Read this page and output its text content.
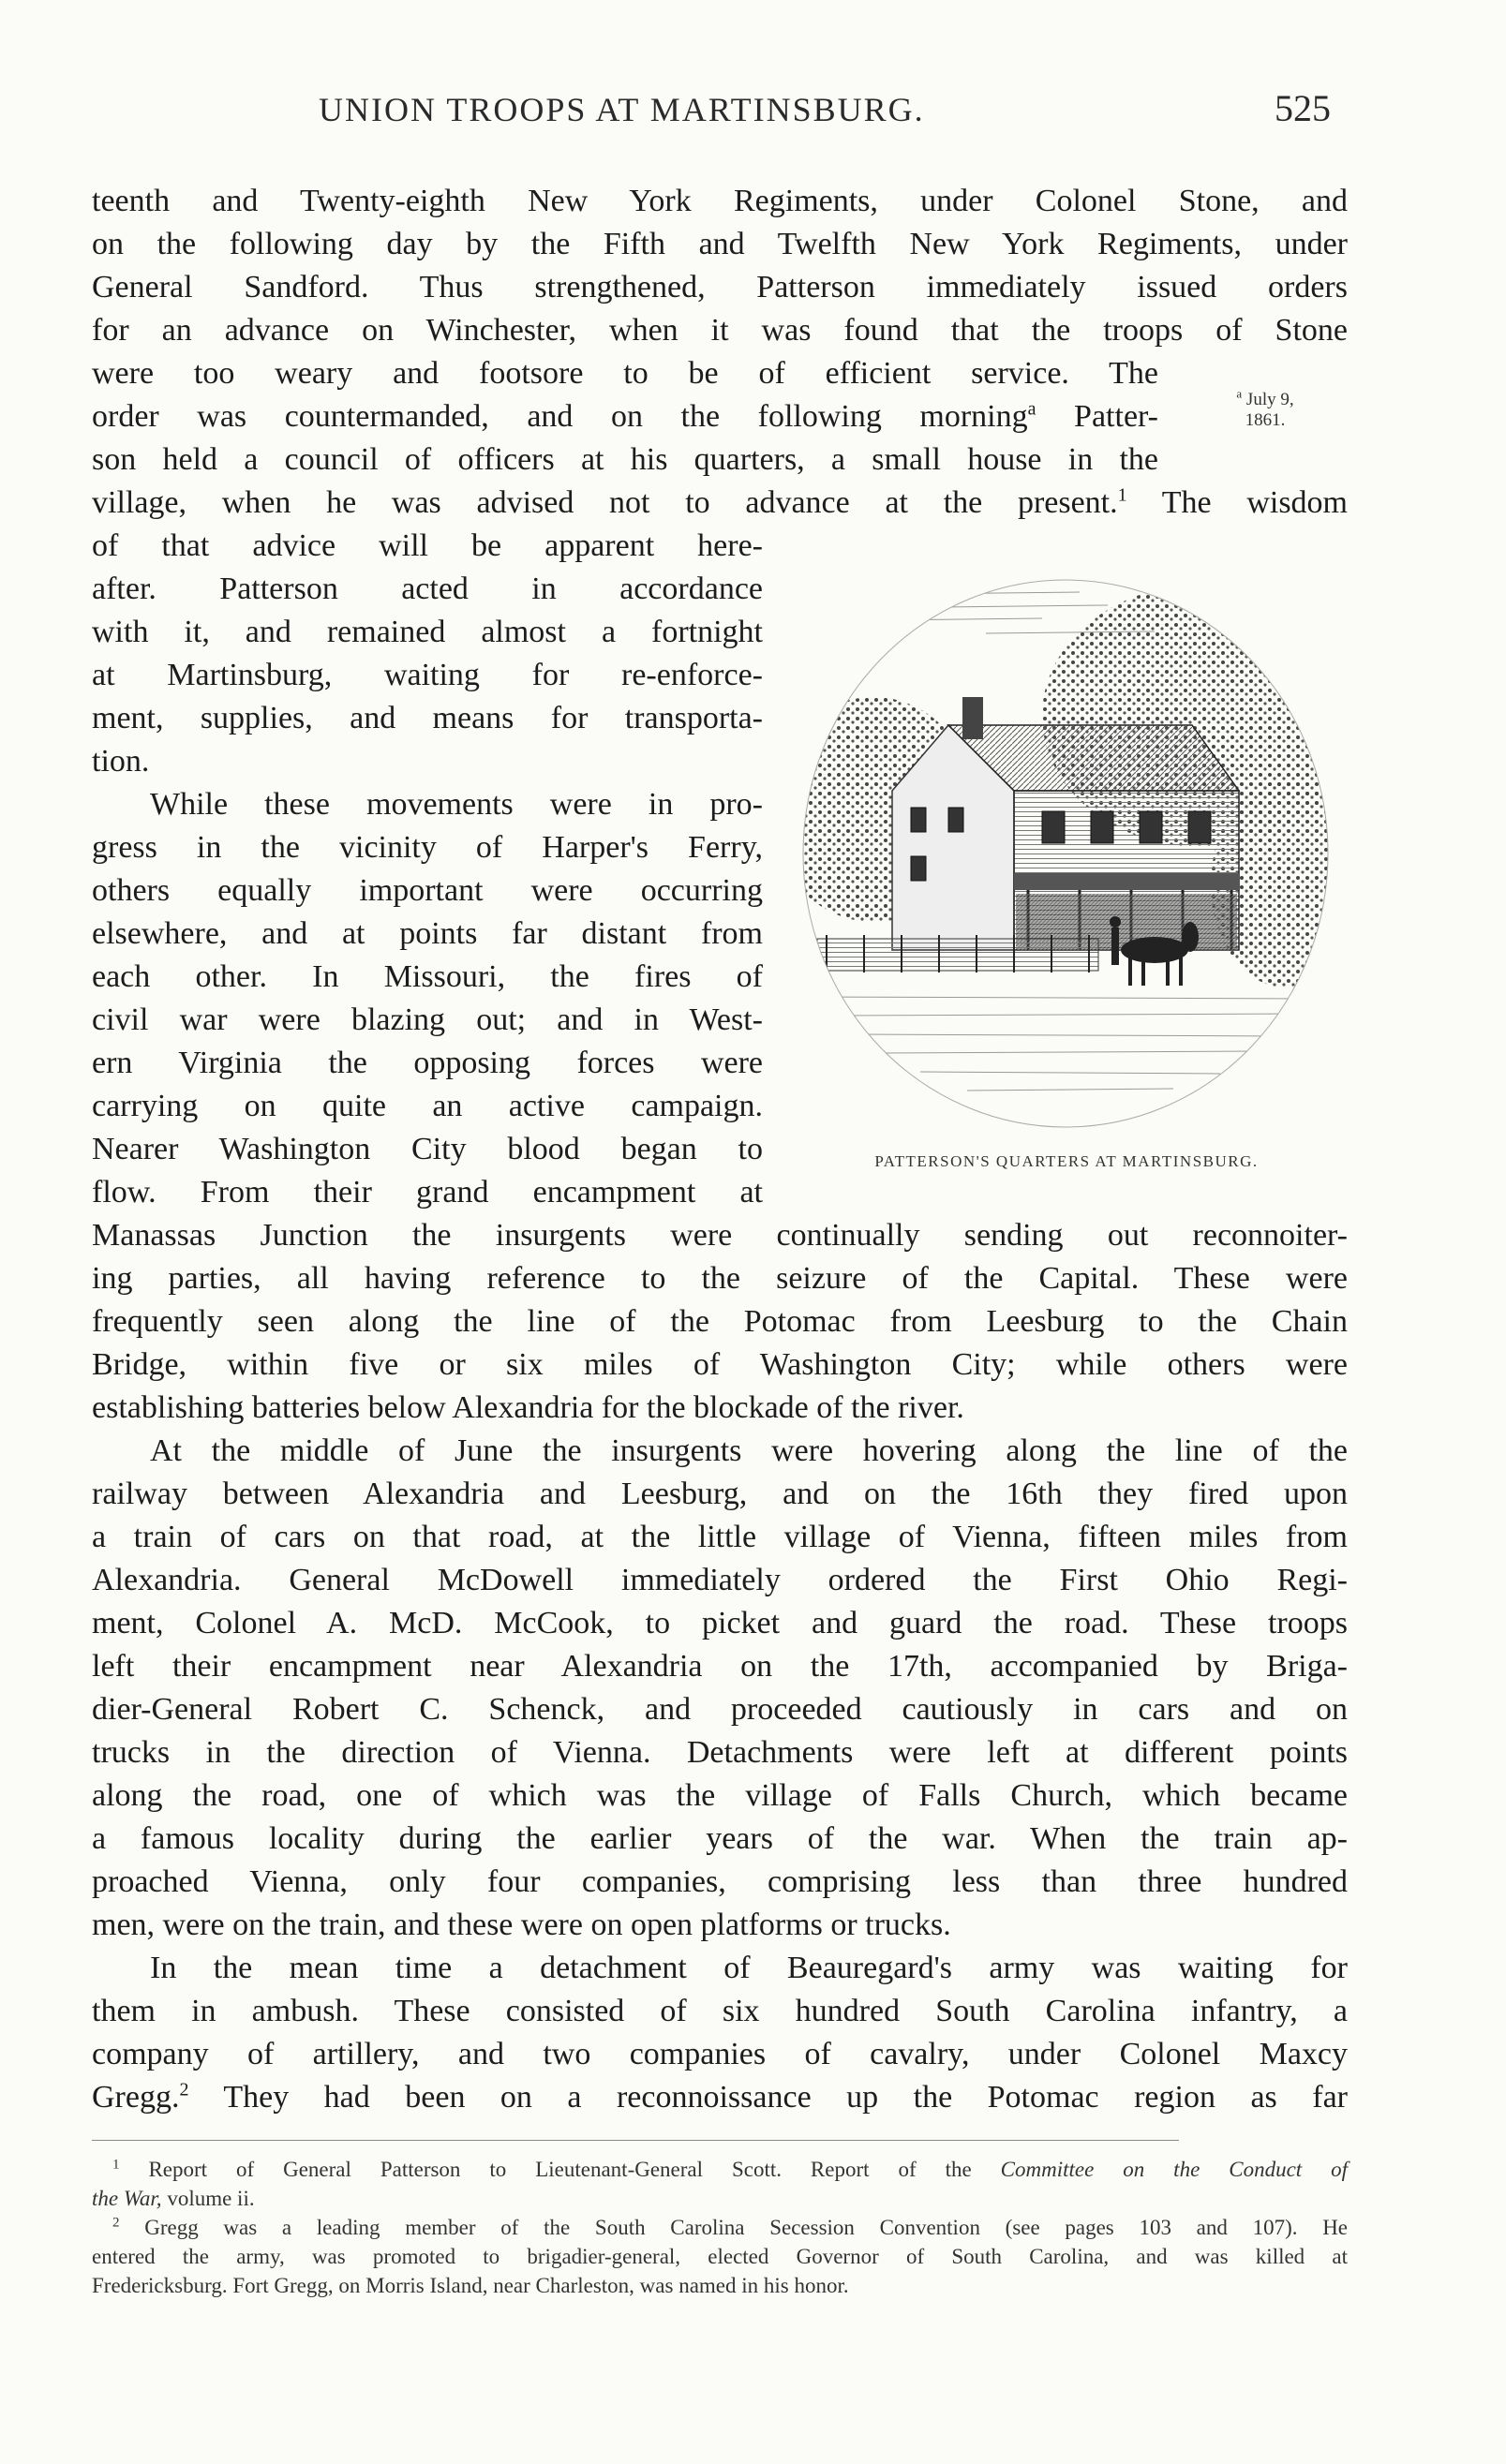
UNION TROOPS AT MARTINSBURG.	525
teenth and Twenty-eighth New York Regiments, under Colonel Stone, and
on the following day by the Fifth and Twelfth New York Regiments, under
General Sandford. Thus strengthened, Patterson immediately issued orders
for an advance on Winchester, when it was found that the troops of Stone
were too weary and footsore to be of efficient service. The
order was countermanded, and on the following morning$^a$ Patter-
son held a council of officers at his quarters, a small house in the
village, when he was advised not to advance at the present.$^1$ The wisdom
$^a$ July 9,
1861.
of that advice will be apparent here-
after. Patterson acted in accordance
with it, and remained almost a fortnight
at Martinsburg, waiting for re-enforce-
ment, supplies, and means for transporta-
tion.
While these movements were in pro-
gress in the vicinity of Harper's Ferry,
others equally important were occurring
elsewhere, and at points far distant from
each other. In Missouri, the fires of
civil war were blazing out; and in West-
ern Virginia the opposing forces were
carrying on quite an active campaign.
Nearer Washington City blood began to
flow. From their grand encampment at
PATTERSON'S QUARTERS AT MARTINSBURG.
Manassas Junction the insurgents were continually sending out reconnoiter-
ing parties, all having reference to the seizure of the Capital. These were
frequently seen along the line of the Potomac from Leesburg to the Chain
Bridge, within five or six miles of Washington City; while others were
establishing batteries below Alexandria for the blockade of the river.
At the middle of June the insurgents were hovering along the line of the
railway between Alexandria and Leesburg, and on the 16th they fired upon
a train of cars on that road, at the little village of Vienna, fifteen miles from
Alexandria. General McDowell immediately ordered the First Ohio Regi-
ment, Colonel A. McD. McCook, to picket and guard the road. These troops
left their encampment near Alexandria on the 17th, accompanied by Briga-
dier-General Robert C. Schenck, and proceeded cautiously in cars and on
trucks in the direction of Vienna. Detachments were left at different points
along the road, one of which was the village of Falls Church, which became
a famous locality during the earlier years of the war. When the train ap-
proached Vienna, only four companies, comprising less than three hundred
men, were on the train, and these were on open platforms or trucks.
In the mean time a detachment of Beauregard's army was waiting for
them in ambush. These consisted of six hundred South Carolina infantry, a
company of artillery, and two companies of cavalry, under Colonel Maxcy
Gregg.$^2$ They had been on a reconnoissance up the Potomac region as far
$^1$ Report of General Patterson to Lieutenant-General Scott. Report of the Committee on the Conduct of
the War, volume ii.
$^2$ Gregg was a leading member of the South Carolina Secession Convention (see pages 103 and 107). He
entered the army, was promoted to brigadier-general, elected Governor of South Carolina, and was killed at
Fredericksburg. Fort Gregg, on Morris Island, near Charleston, was named in his honor.
